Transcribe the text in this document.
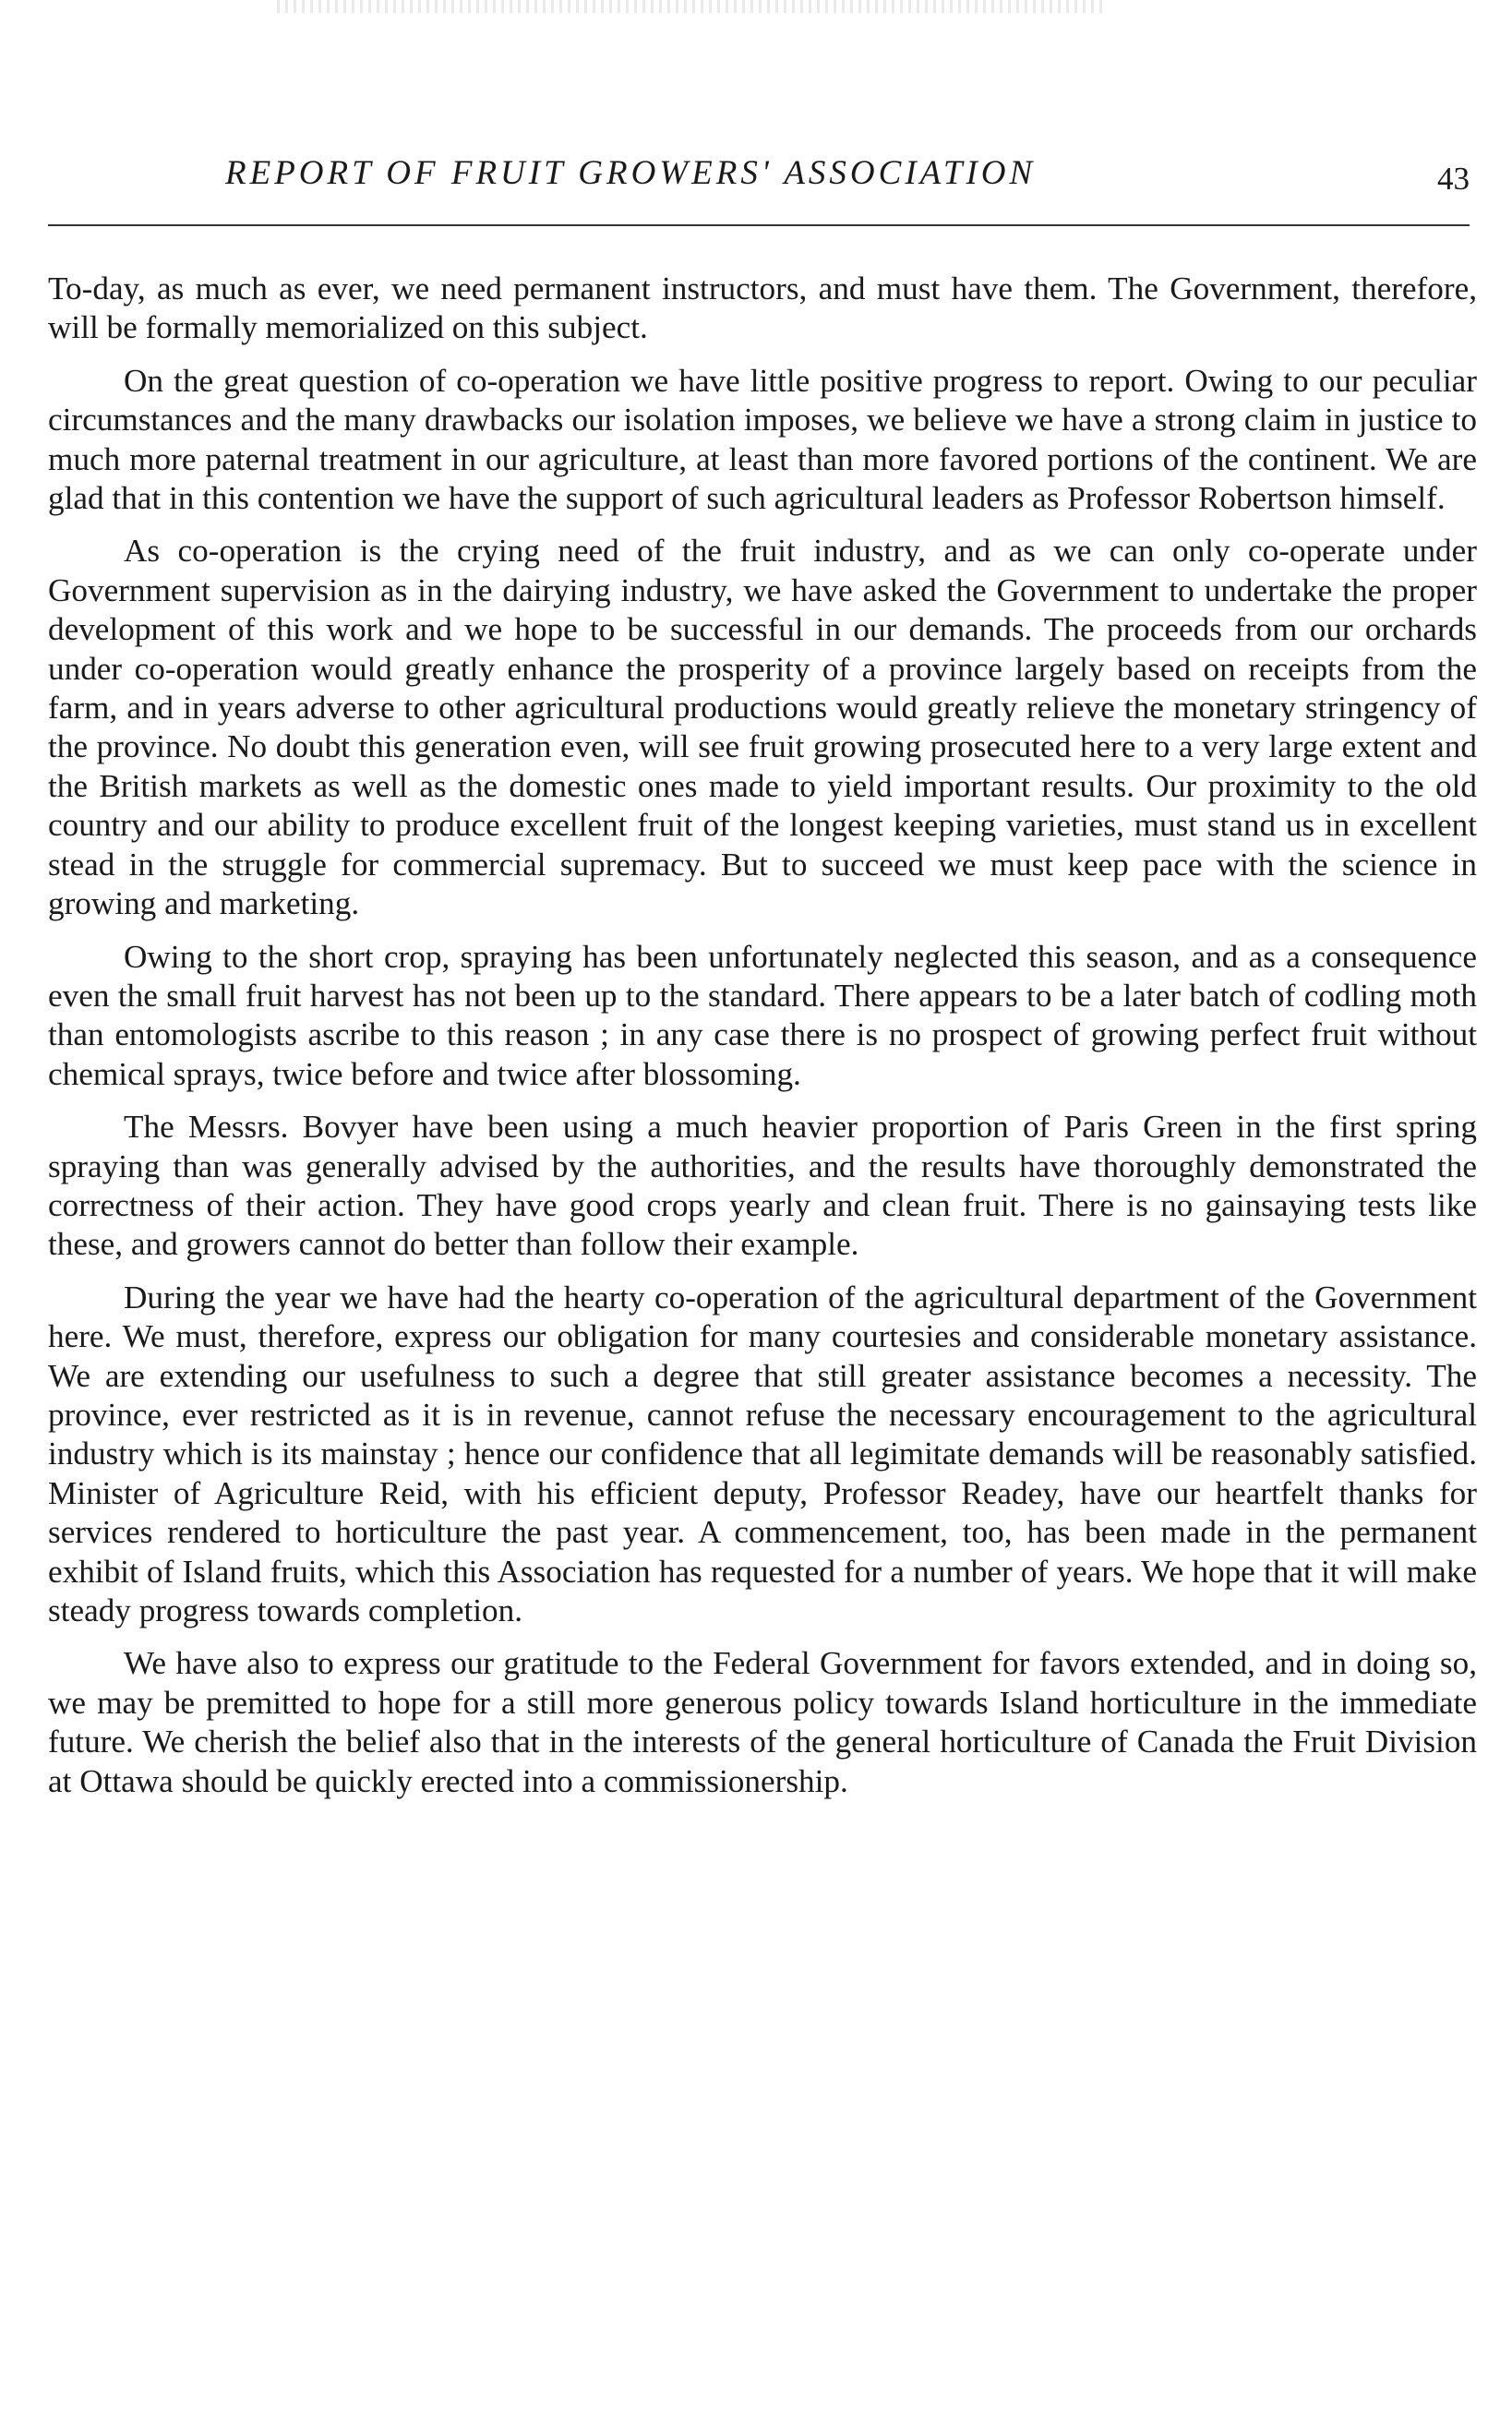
REPORT OF FRUIT GROWERS' ASSOCIATION	43

To-day, as much as ever, we need permanent instructors, and must have them. The Government, therefore, will be formally memorialized on this subject.

On the great question of co-operation we have little positive progress to report. Owing to our peculiar circumstances and the many drawbacks our isolation imposes, we believe we have a strong claim in justice to much more paternal treatment in our agriculture, at least than more favored portions of the continent. We are glad that in this contention we have the support of such agricultural leaders as Professor Robertson himself.

As co-operation is the crying need of the fruit industry, and as we can only co-operate under Government supervision as in the dairying industry, we have asked the Government to undertake the proper development of this work and we hope to be successful in our demands. The proceeds from our orchards under co-operation would greatly enhance the prosperity of a province largely based on receipts from the farm, and in years adverse to other agricultural productions would greatly relieve the monetary stringency of the province. No doubt this generation even, will see fruit growing prosecuted here to a very large extent and the British markets as well as the domestic ones made to yield important results. Our proximity to the old country and our ability to produce excellent fruit of the longest keeping varieties, must stand us in excellent stead in the struggle for commercial supremacy. But to succeed we must keep pace with the science in growing and marketing.

Owing to the short crop, spraying has been unfortunately neglected this season, and as a consequence even the small fruit harvest has not been up to the standard. There appears to be a later batch of codling moth than entomologists ascribe to this reason ; in any case there is no prospect of growing perfect fruit without chemical sprays, twice before and twice after blossoming.

The Messrs. Bovyer have been using a much heavier proportion of Paris Green in the first spring spraying than was generally advised by the authorities, and the results have thoroughly demonstrated the correctness of their action. They have good crops yearly and clean fruit. There is no gainsaying tests like these, and growers cannot do better than follow their example.

During the year we have had the hearty co-operation of the agricultural department of the Government here. We must, therefore, express our obligation for many courtesies and considerable monetary assistance. We are extending our usefulness to such a degree that still greater assistance becomes a necessity. The province, ever restricted as it is in revenue, cannot refuse the necessary encouragement to the agricultural industry which is its mainstay ; hence our confidence that all legimitate demands will be reasonably satisfied. Minister of Agriculture Reid, with his efficient deputy, Professor Readey, have our heartfelt thanks for services rendered to horticulture the past year. A commencement, too, has been made in the permanent exhibit of Island fruits, which this Association has requested for a number of years. We hope that it will make steady progress towards completion.

We have also to express our gratitude to the Federal Government for favors extended, and in doing so, we may be premitted to hope for a still more generous policy towards Island horticulture in the immediate future. We cherish the belief also that in the interests of the general horticulture of Canada the Fruit Division at Ottawa should be quickly erected into a commissionership.
